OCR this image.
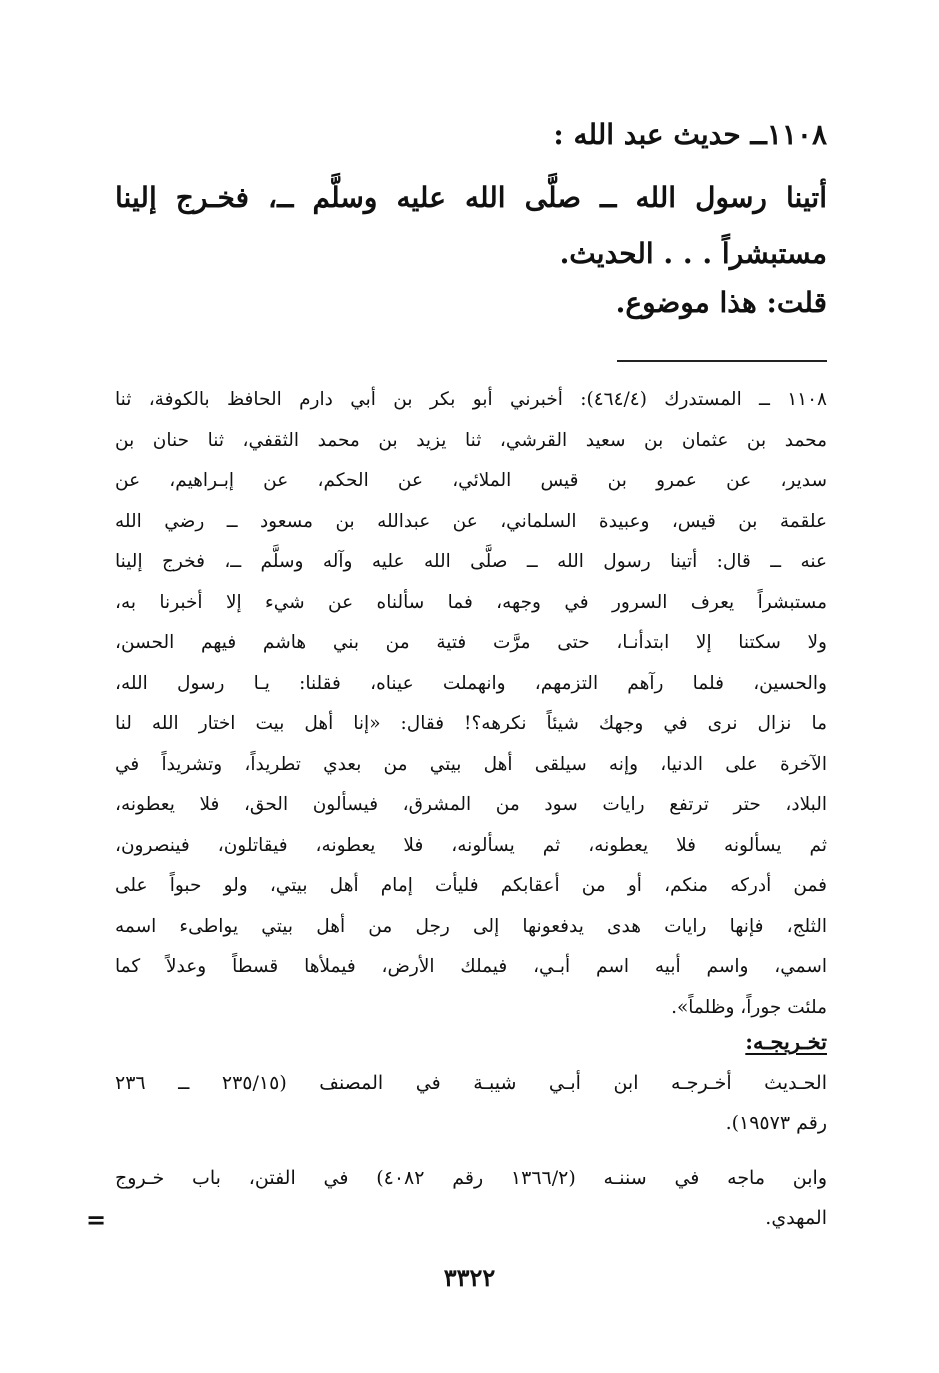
١١٠٨ــ حديث عبد الله :
أتينا رسول الله ــ صلَّى الله عليه وسلَّم ــ، فخـرج إلينا
مستبشراً . . . الحديث.
قلت: هذا موضوع.
١١٠٨ ــ المستدرك (٤٦٤/٤): أخبرني أبو بكر بن أبي دارم الحافظ بالكوفة، ثنا
محمد بن عثمان بن سعيد القرشي، ثنا يزيد بن محمد الثقفي، ثنا حنان بن
سدير، عن عمرو بن قيس الملائي، عن الحكم، عن إبـراهيم، عن
علقمة بن قيس، وعبيدة السلماني، عن عبدالله بن مسعود ــ رضي الله
عنه ــ قال: أتينا رسول الله ــ صلَّى الله عليه وآله وسلَّم ــ، فخرج إلينا
مستبشراً يعرف السرور في وجهه، فما سألناه عن شيء إلا أخبرنا به،
ولا سكتنا إلا ابتدأنـا، حتى مرَّت فتية من بني هاشم فيهم الحسن،
والحسين، فلما رآهم التزمهم، وانهملت عيناه، فقلنا: يـا رسول الله،
ما نزال نرى في وجهك شيئاً نكرهه؟! فقال: «إنا أهل بيت اختار الله لنا
الآخرة على الدنيا، وإنه سيلقى أهل بيتي من بعدي تطريداً، وتشريداً في
البلاد، حتر ترتفع رايات سود من المشرق، فيسألون الحق، فلا يعطونه،
ثم يسألونه فلا يعطونه، ثم يسألونه، فلا يعطونه، فيقاتلون، فينصرون،
فمن أدركه منكم، أو من أعقابكم فليأت إمام أهل بيتي، ولو حبواً على
الثلج، فإنها رايات هدى يدفعونها إلى رجل من أهل بيتي يواطىء اسمه
اسمي، واسم أبيه اسم أبـي، فيملك الأرض، فيملأها قسطاً وعدلاً كما
ملئت جوراً، وظلماً».
تخـريجـه:
الحـديث أخـرجـه ابن أبـي شيبـة في المصنف (٢٣٥/١٥ ــ ٢٣٦
رقم ١٩٥٧٣).
وابن ماجه في سننـه (١٣٦٦/٢ رقم ٤٠٨٢) في الفتن، باب خـروج
المهدي.
=
٣٣٢٢
